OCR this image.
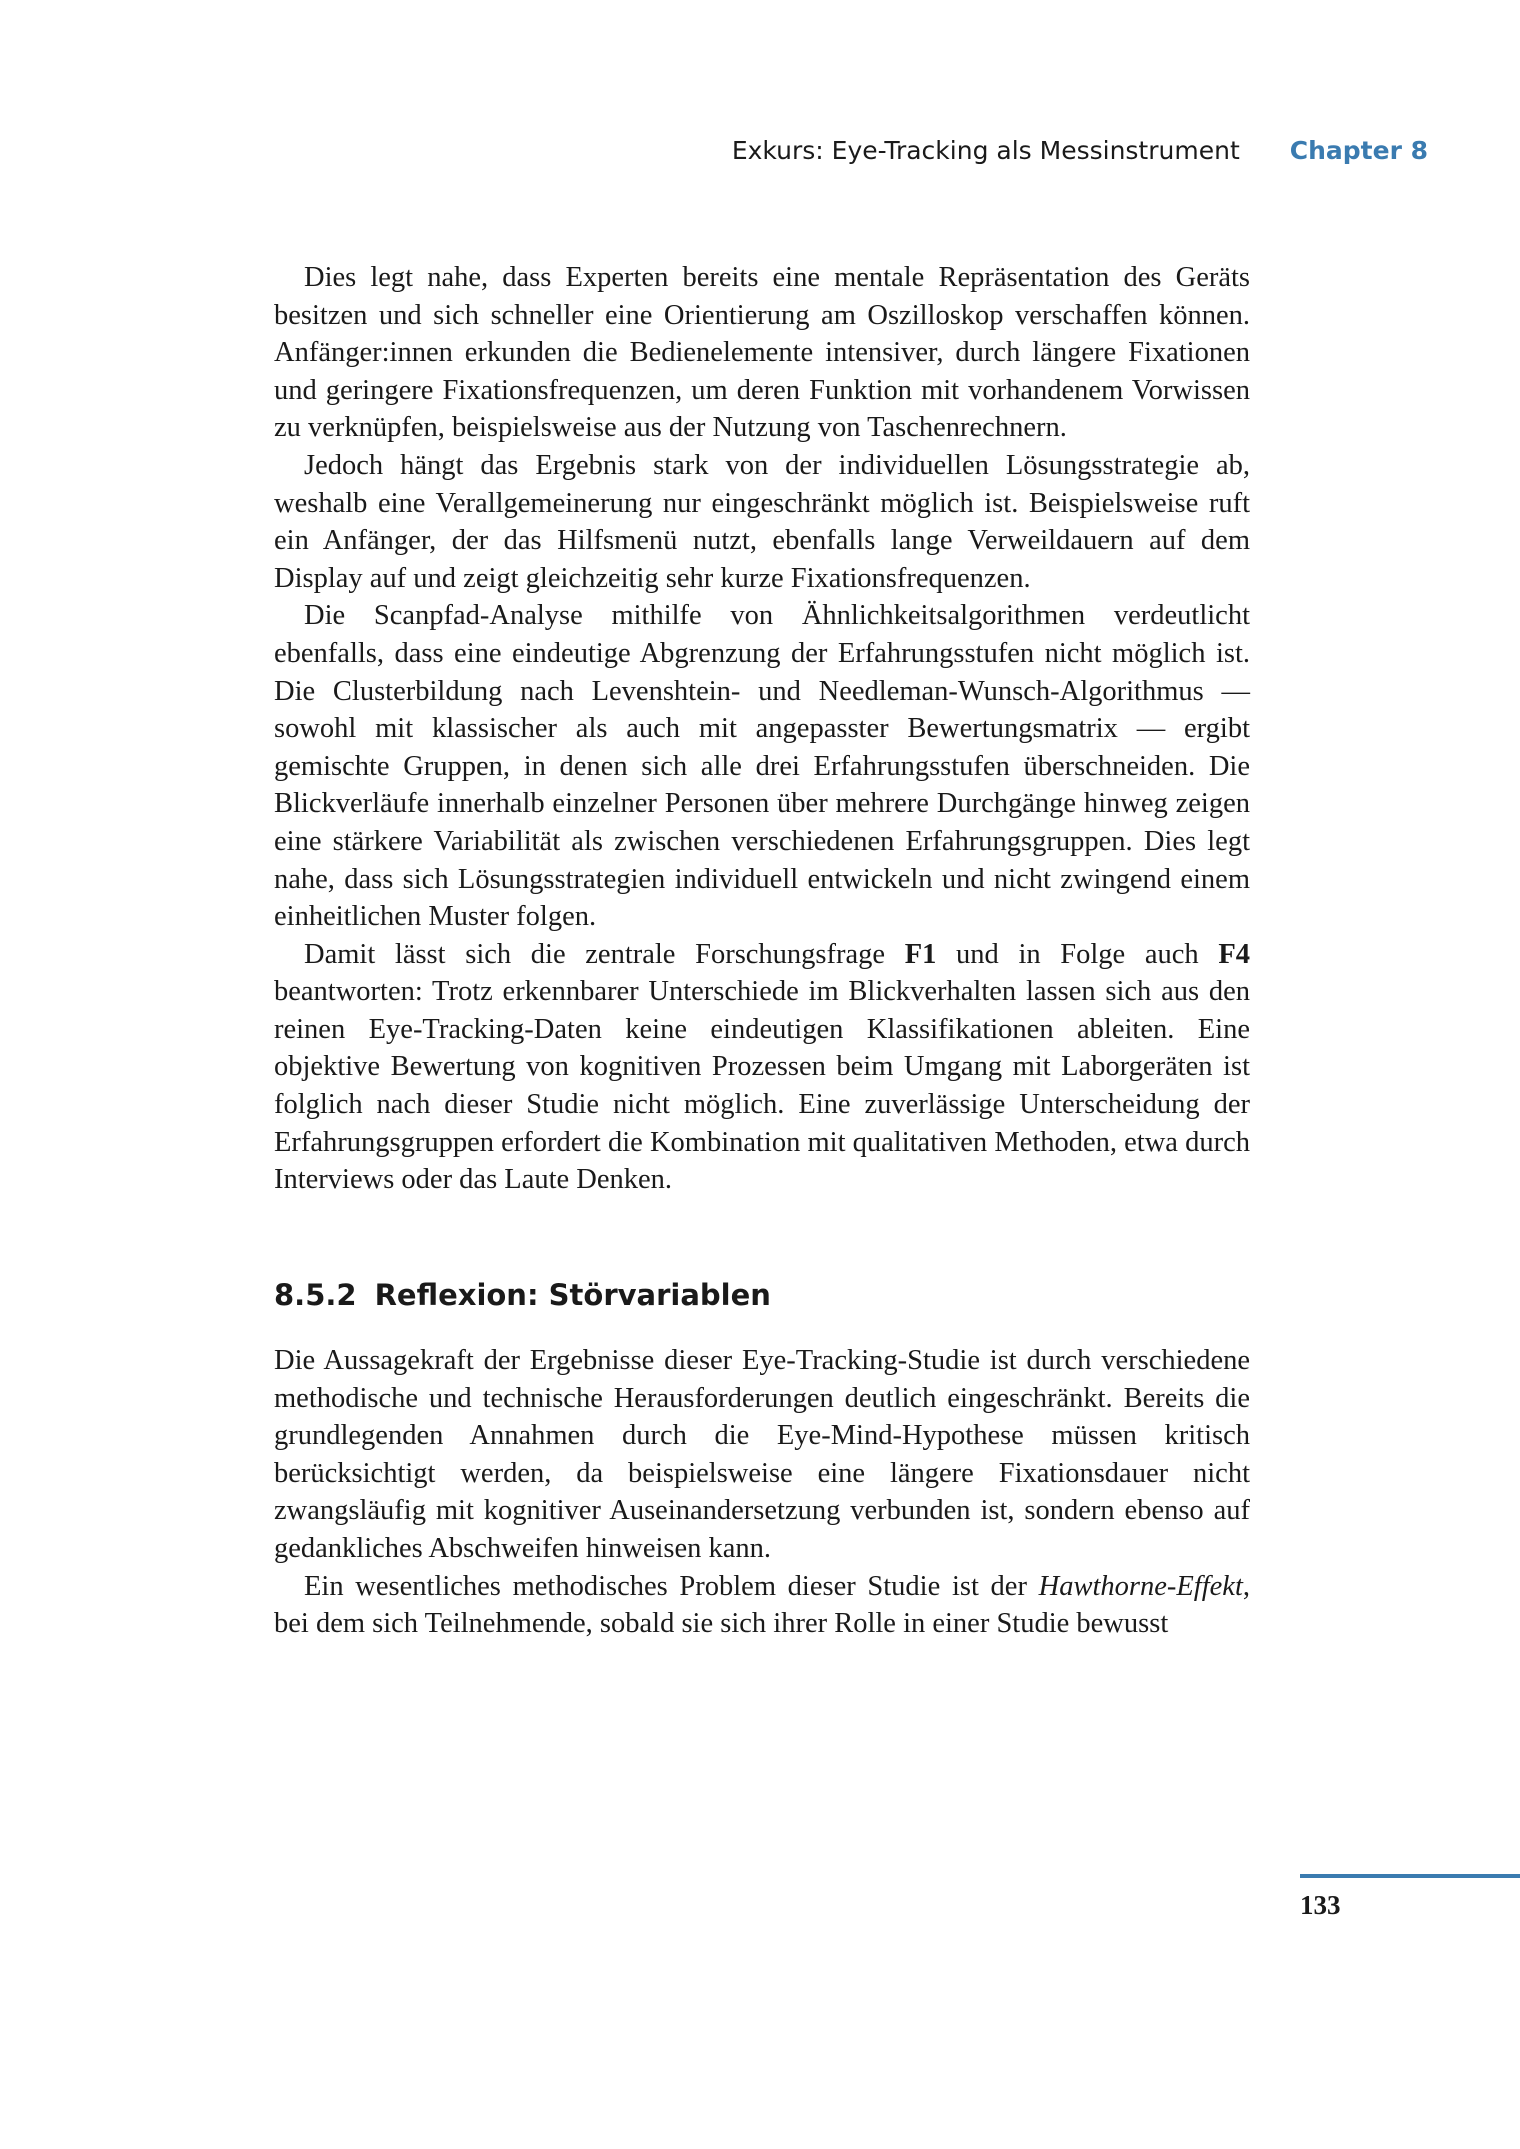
Exkurs: Eye-Tracking als Messinstrument Chapter 8

Dies legt nahe, dass Experten bereits eine mentale Repräsentation des Geräts besitzen und sich schneller eine Orientierung am Oszilloskop verschaffen können. Anfänger:innen erkunden die Bedienelemente intensiver, durch längere Fixationen und geringere Fixationsfrequenzen, um deren Funktion mit vorhandenem Vorwissen zu verknüpfen, beispielsweise aus der Nutzung von Taschenrechnern.

Jedoch hängt das Ergebnis stark von der individuellen Lösungsstrategie ab, weshalb eine Verallgemeinerung nur eingeschränkt möglich ist. Beispielsweise ruft ein Anfänger, der das Hilfsmenü nutzt, ebenfalls lange Verweildauern auf dem Display auf und zeigt gleichzeitig sehr kurze Fixationsfrequenzen.

Die Scanpfad-Analyse mithilfe von Ähnlichkeitsalgorithmen verdeutlicht ebenfalls, dass eine eindeutige Abgrenzung der Erfahrungsstufen nicht möglich ist. Die Clusterbildung nach Levenshtein- und Needleman-Wunsch-Algorithmus — sowohl mit klassischer als auch mit angepasster Bewertungsmatrix — ergibt gemischte Gruppen, in denen sich alle drei Erfahrungsstufen überschneiden. Die Blickverläufe innerhalb einzelner Personen über mehrere Durchgänge hinweg zeigen eine stärkere Variabilität als zwischen verschiedenen Erfahrungsgruppen. Dies legt nahe, dass sich Lösungsstrategien individuell entwickeln und nicht zwingend einem einheitlichen Muster folgen.

Damit lässt sich die zentrale Forschungsfrage F1 und in Folge auch F4 beantworten: Trotz erkennbarer Unterschiede im Blickverhalten lassen sich aus den reinen Eye-Tracking-Daten keine eindeutigen Klassifikationen ableiten. Eine objektive Bewertung von kognitiven Prozessen beim Umgang mit Laborgeräten ist folglich nach dieser Studie nicht möglich. Eine zuverlässige Unterscheidung der Erfahrungsgruppen erfordert die Kombination mit qualitativen Methoden, etwa durch Interviews oder das Laute Denken.

8.5.2 Reflexion: Störvariablen

Die Aussagekraft der Ergebnisse dieser Eye-Tracking-Studie ist durch verschiedene methodische und technische Herausforderungen deutlich eingeschränkt. Bereits die grundlegenden Annahmen durch die Eye-Mind-Hypothese müssen kritisch berücksichtigt werden, da beispielsweise eine längere Fixationsdauer nicht zwangsläufig mit kognitiver Auseinandersetzung verbunden ist, sondern ebenso auf gedankliches Abschweifen hinweisen kann.

Ein wesentliches methodisches Problem dieser Studie ist der Hawthorne-Effekt, bei dem sich Teilnehmende, sobald sie sich ihrer Rolle in einer Studie bewusst

133
